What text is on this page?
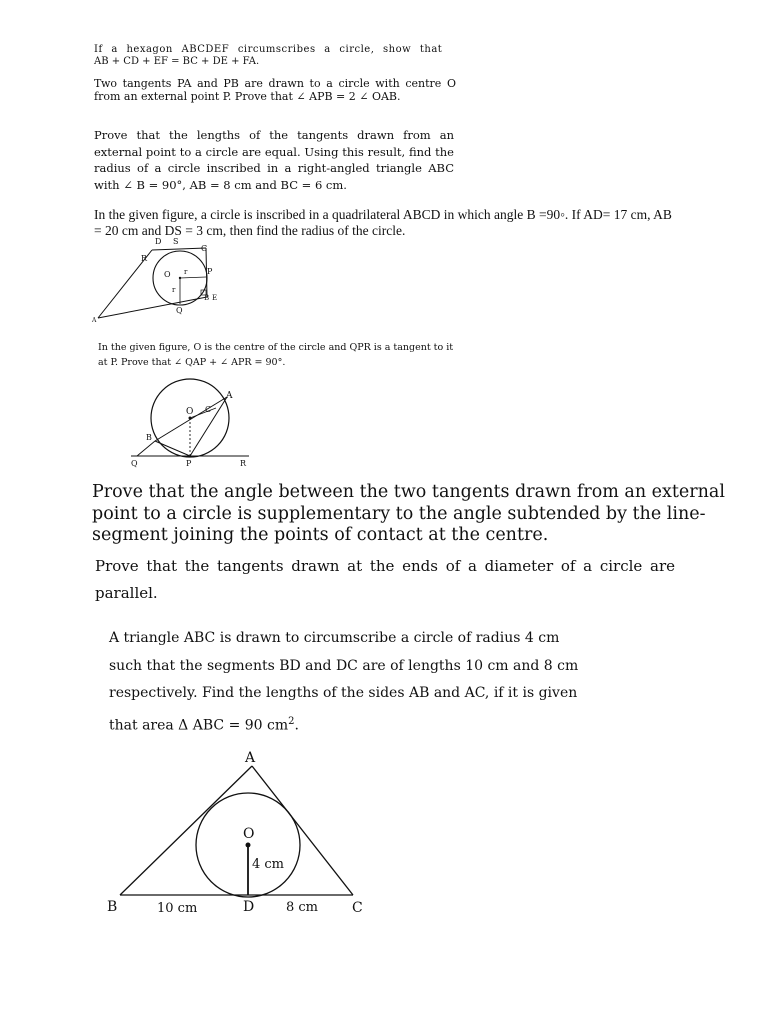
If a hexagon ABCDEF circumscribes a circle, show that
AB + CD + EF = BC + DE + FA.
Two tangents PA and PB are drawn to a circle with centre O from an external point P. Prove that ∠ APB = 2 ∠ OAB.
Prove that the lengths of the tangents drawn from an external point to a circle are equal. Using this result, find the radius of a circle inscribed in a right-angled triangle ABC with ∠ B = 90°, AB = 8 cm and BC = 6 cm.
In the given figure, a circle is inscribed in a quadrilateral ABCD in which angle B =90◦. If AD= 17 cm, AB = 20 cm and DS = 3 cm, then find the radius of the circle.
D S
C
R
O r
r
P
B E
Q
A
In the given figure, O is the centre of the circle and QPR is a tangent to it
at P. Prove that ∠ QAP + ∠ APR = 90°.
A
O C
B
Q	P	R
Prove that the angle between the two tangents drawn from an external
point to a circle is supplementary to the angle subtended by the line-
segment joining the points of contact at the centre.
Prove that the tangents drawn at the ends of a diameter of a circle are parallel.
A triangle ABC is drawn to circumscribe a circle of radius 4 cm
such that the segments BD and DC are of lengths 10 cm and 8 cm
respectively. Find the lengths of the sides AB and AC, if it is given
that area Δ ABC = 90 $cm^2$.
A
O
4 cm
B	10 cm	D 8 cm C
